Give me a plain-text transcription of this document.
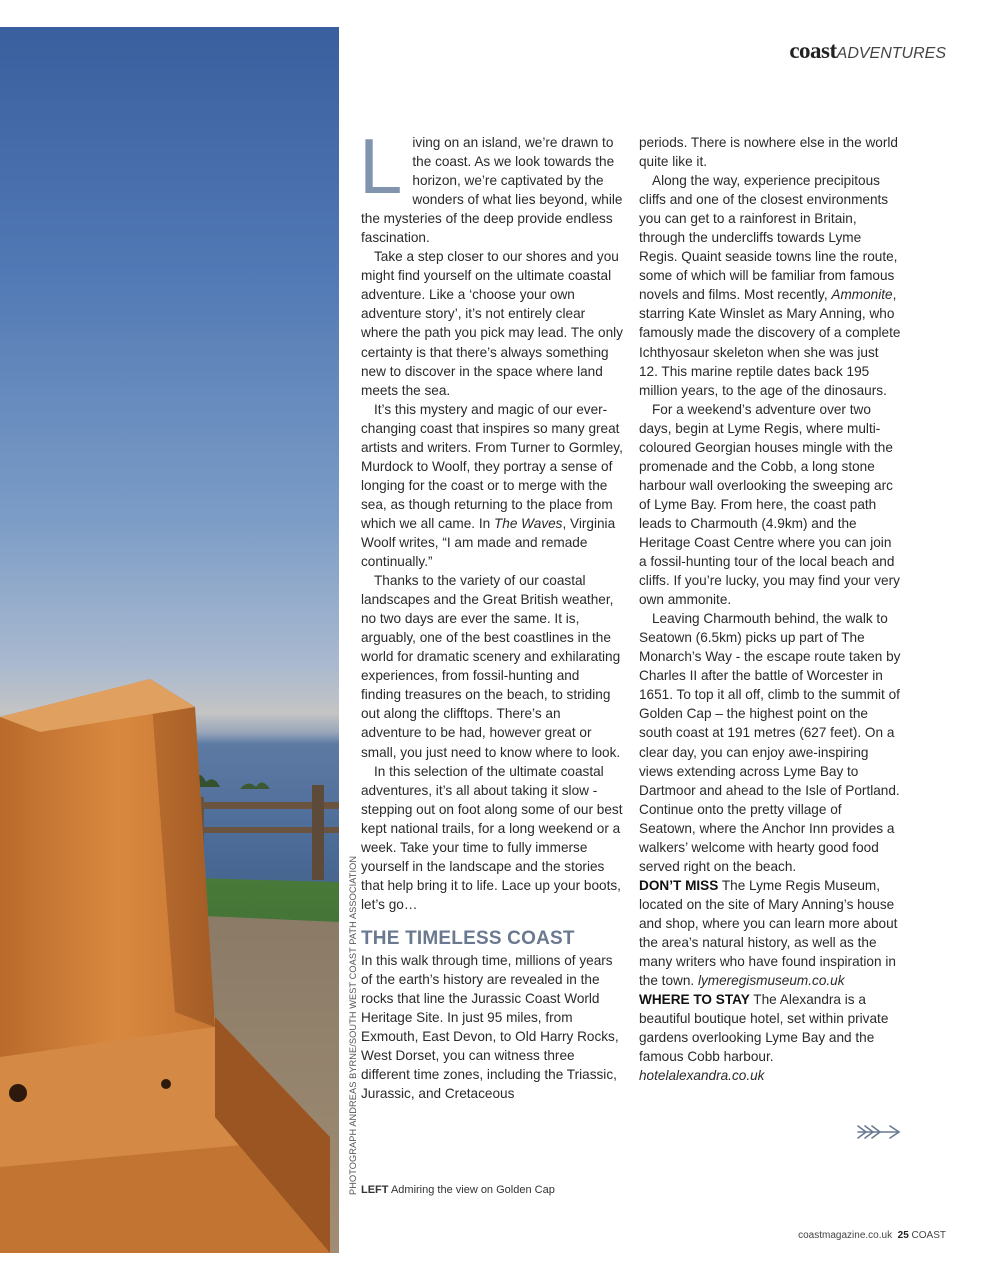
PHOTOGRAPH ANDREAS BYRNE/SOUTH WEST COAST PATH ASSOCIATION
coastADVENTURES

Living on an island, we’re drawn to the coast. As we look towards the horizon, we’re captivated by the wonders of what lies beyond, while the mysteries of the deep provide endless fascination.

Take a step closer to our shores and you might find yourself on the ultimate coastal adventure. Like a ‘choose your own adventure story’, it’s not entirely clear where the path you pick may lead. The only certainty is that there’s always something new to discover in the space where land meets the sea.

It’s this mystery and magic of our ever-changing coast that inspires so many great artists and writers. From Turner to Gormley, Murdock to Woolf, they portray a sense of longing for the coast or to merge with the sea, as though returning to the place from which we all came. In The Waves, Virginia Woolf writes, “I am made and remade continually.”

Thanks to the variety of our coastal landscapes and the Great British weather, no two days are ever the same. It is, arguably, one of the best coastlines in the world for dramatic scenery and exhilarating experiences, from fossil-hunting and finding treasures on the beach, to striding out along the clifftops. There’s an adventure to be had, however great or small, you just need to know where to look.

In this selection of the ultimate coastal adventures, it’s all about taking it slow - stepping out on foot along some of our best kept national trails, for a long weekend or a week. Take your time to fully immerse yourself in the landscape and the stories that help bring it to life. Lace up your boots, let’s go…

THE TIMELESS COAST

In this walk through time, millions of years of the earth’s history are revealed in the rocks that line the Jurassic Coast World Heritage Site. In just 95 miles, from Exmouth, East Devon, to Old Harry Rocks, West Dorset, you can witness three different time zones, including the Triassic, Jurassic, and Cretaceous

periods. There is nowhere else in the world quite like it.

Along the way, experience precipitous cliffs and one of the closest environments you can get to a rainforest in Britain, through the undercliffs towards Lyme Regis. Quaint seaside towns line the route, some of which will be familiar from famous novels and films. Most recently, Ammonite, starring Kate Winslet as Mary Anning, who famously made the discovery of a complete Ichthyosaur skeleton when she was just 12. This marine reptile dates back 195 million years, to the age of the dinosaurs.

For a weekend’s adventure over two days, begin at Lyme Regis, where multi-coloured Georgian houses mingle with the promenade and the Cobb, a long stone harbour wall overlooking the sweeping arc of Lyme Bay. From here, the coast path leads to Charmouth (4.9km) and the Heritage Coast Centre where you can join a fossil-hunting tour of the local beach and cliffs. If you’re lucky, you may find your very own ammonite.

Leaving Charmouth behind, the walk to Seatown (6.5km) picks up part of The Monarch’s Way - the escape route taken by Charles II after the battle of Worcester in 1651. To top it all off, climb to the summit of Golden Cap – the highest point on the south coast at 191 metres (627 feet). On a clear day, you can enjoy awe-inspiring views extending across Lyme Bay to Dartmoor and ahead to the Isle of Portland. Continue onto the pretty village of Seatown, where the Anchor Inn provides a walkers’ welcome with hearty good food served right on the beach.

DON’T MISS The Lyme Regis Museum, located on the site of Mary Anning’s house and shop, where you can learn more about the area’s natural history, as well as the many writers who have found inspiration in the town. lymeregismuseum.co.uk

WHERE TO STAY The Alexandra is a beautiful boutique hotel, set within private gardens overlooking Lyme Bay and the famous Cobb harbour. hotelalexandra.co.uk

LEFT Admiring the view on Golden Cap
coastmagazine.co.uk 25 COAST
